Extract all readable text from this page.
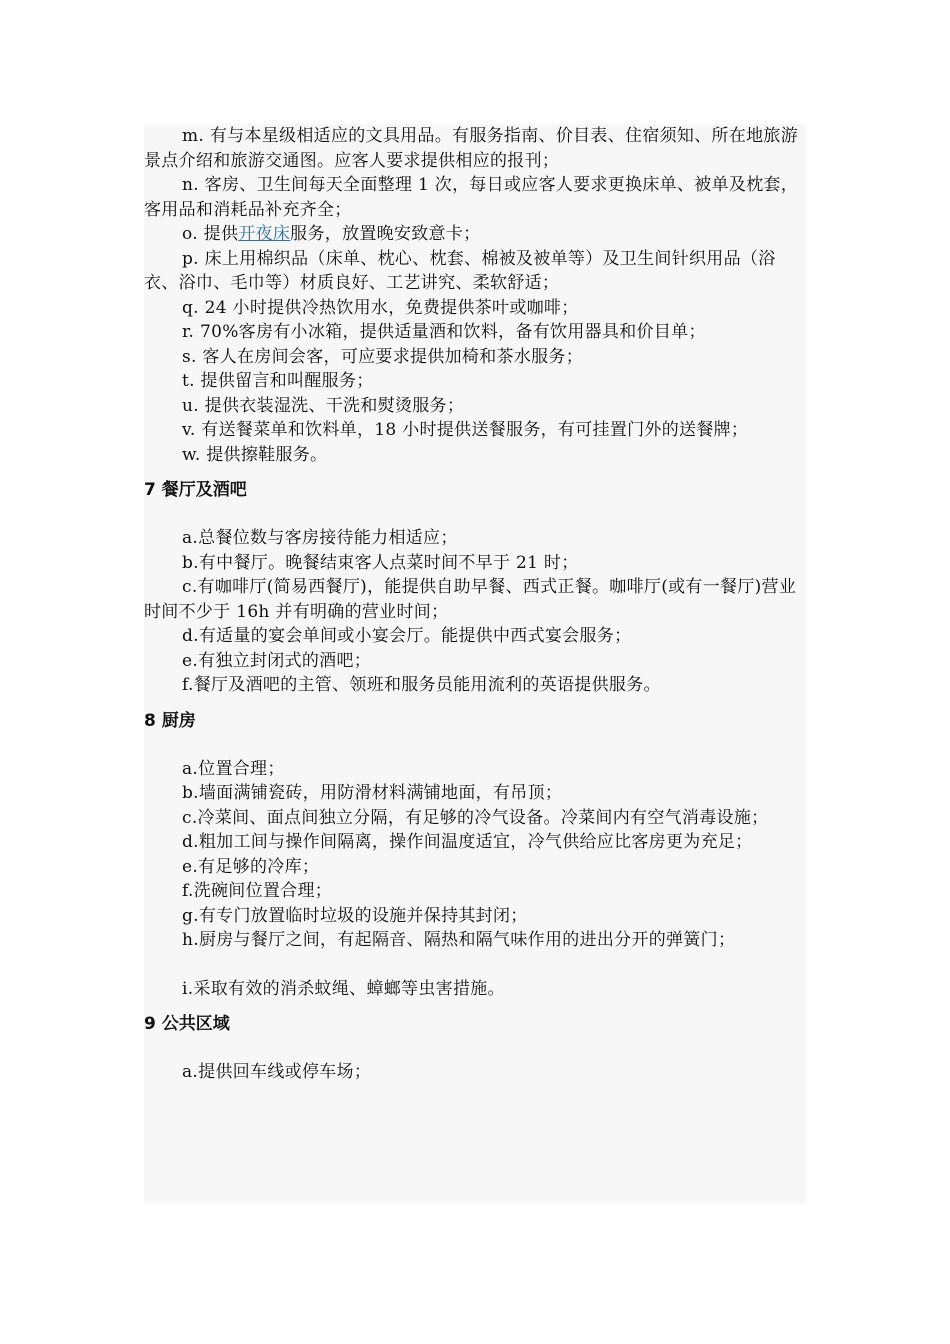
m. 有与本星级相适应的文具用品。有服务指南、价目表、住宿须知、所在地旅游景点介绍和旅游交通图。应客人要求提供相应的报刊；

n. 客房、卫生间每天全面整理 1 次，每日或应客人要求更换床单、被单及枕套，客用品和消耗品补充齐全；

o. 提供开夜床服务，放置晚安致意卡；

p. 床上用棉织品（床单、枕心、枕套、棉被及被单等）及卫生间针织用品（浴衣、浴巾、毛巾等）材质良好、工艺讲究、柔软舒适；

q. 24 小时提供冷热饮用水，免费提供茶叶或咖啡；

r. 70%客房有小冰箱，提供适量酒和饮料，备有饮用器具和价目单；

s. 客人在房间会客，可应要求提供加椅和茶水服务；

t. 提供留言和叫醒服务；

u. 提供衣装湿洗、干洗和熨烫服务；

v. 有送餐菜单和饮料单，18 小时提供送餐服务，有可挂置门外的送餐牌；

w. 提供擦鞋服务。

7 餐厅及酒吧

a.总餐位数与客房接待能力相适应；

b.有中餐厅。晚餐结束客人点菜时间不早于 21 时；

c.有咖啡厅(简易西餐厅)，能提供自助早餐、西式正餐。咖啡厅(或有一餐厅)营业时间不少于 16h 并有明确的营业时间；

d.有适量的宴会单间或小宴会厅。能提供中西式宴会服务；

e.有独立封闭式的酒吧；

f.餐厅及酒吧的主管、领班和服务员能用流利的英语提供服务。

8 厨房

a.位置合理；

b.墙面满铺瓷砖，用防滑材料满铺地面，有吊顶；

c.冷菜间、面点间独立分隔，有足够的冷气设备。冷菜间内有空气消毒设施；

d.粗加工间与操作间隔离，操作间温度适宜，冷气供给应比客房更为充足；

e.有足够的冷库；

f.洗碗间位置合理；

g.有专门放置临时垃圾的设施并保持其封闭；

h.厨房与餐厅之间，有起隔音、隔热和隔气味作用的进出分开的弹簧门；

i.采取有效的消杀蚊绳、蟑螂等虫害措施。

9 公共区域

a.提供回车线或停车场；
